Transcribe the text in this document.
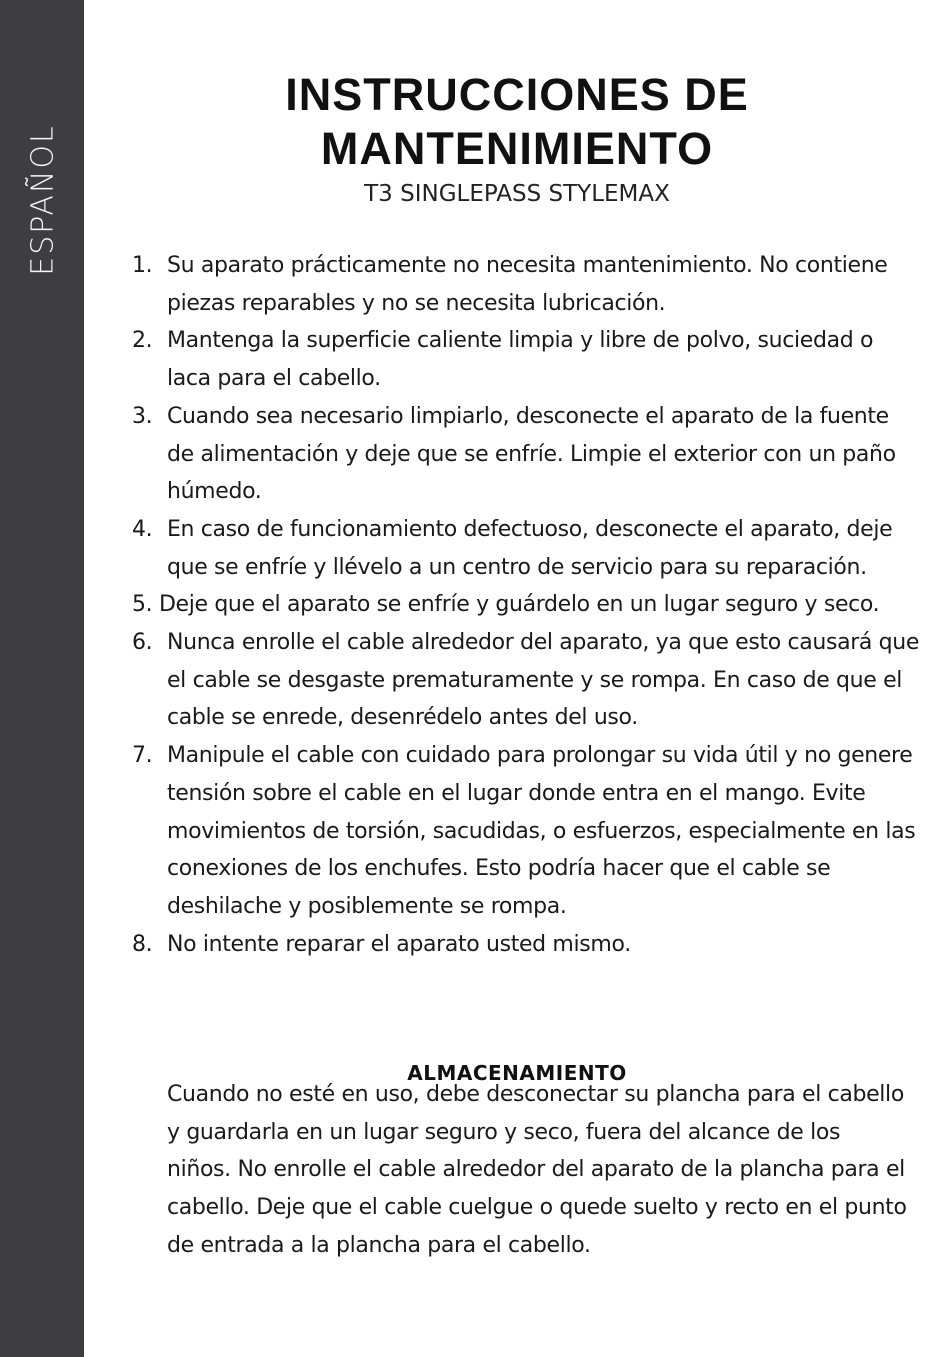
ESPAÑOL
INSTRUCCIONES DE MANTENIMIENTO
T3 SINGLEPASS STYLEMAX
1. Su aparato prácticamente no necesita mantenimiento. No contiene piezas reparables y no se necesita lubricación.
2. Mantenga la superficie caliente limpia y libre de polvo, suciedad o laca para el cabello.
3. Cuando sea necesario limpiarlo, desconecte el aparato de la fuente de alimentación y deje que se enfríe. Limpie el exterior con un paño húmedo.
4. En caso de funcionamiento defectuoso, desconecte el aparato, deje que se enfríe y llévelo a un centro de servicio para su reparación.
5. Deje que el aparato se enfríe y guárdelo en un lugar seguro y seco.
6. Nunca enrolle el cable alrededor del aparato, ya que esto causará que el cable se desgaste prematuramente y se rompa. En caso de que el cable se enrede, desenrédelo antes del uso.
7. Manipule el cable con cuidado para prolongar su vida útil y no genere tensión sobre el cable en el lugar donde entra en el mango. Evite movimientos de torsión, sacudidas, o esfuerzos, especialmente en las conexiones de los enchufes. Esto podría hacer que el cable se deshilache y posiblemente se rompa.
8. No intente reparar el aparato usted mismo.
ALMACENAMIENTO

Cuando no esté en uso, debe desconectar su plancha para el cabello y guardarla en un lugar seguro y seco, fuera del alcance de los niños. No enrolle el cable alrededor del aparato de la plancha para el cabello. Deje que el cable cuelgue o quede suelto y recto en el punto de entrada a la plancha para el cabello.
